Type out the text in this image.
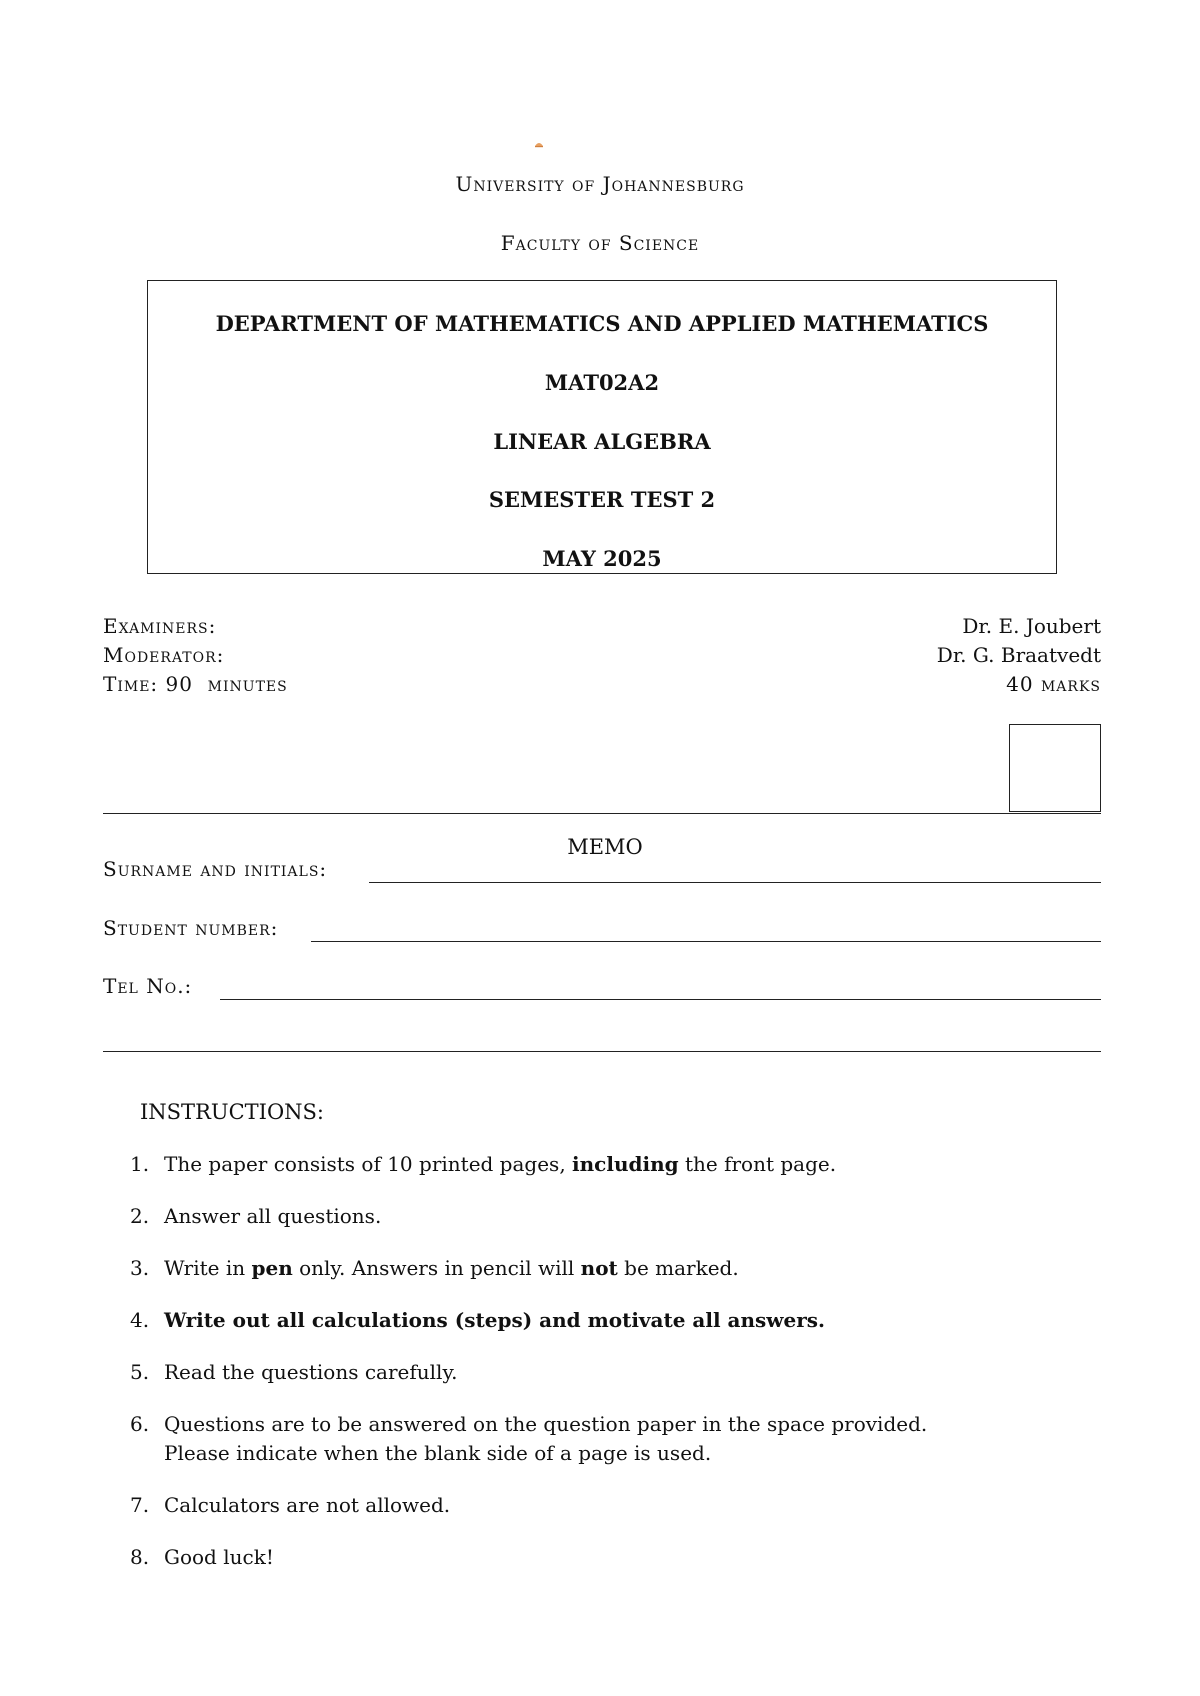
University of Johannesburg
Faculty of Science
DEPARTMENT OF MATHEMATICS AND APPLIED MATHEMATICS
MAT02A2
LINEAR ALGEBRA
SEMESTER TEST 2
MAY 2025
Examiners:	Dr. E. Joubert
Moderator:	Dr. G. Braatvedt
Time: 90  minutes	40 marks
MEMO
Surname and initials:
Student number:
Tel No.:
INSTRUCTIONS:
1. The paper consists of 10 printed pages, including the front page.
2. Answer all questions.
3. Write in pen only. Answers in pencil will not be marked.
4. Write out all calculations (steps) and motivate all answers.
5. Read the questions carefully.
6. Questions are to be answered on the question paper in the space provided.
Please indicate when the blank side of a page is used.
7. Calculators are not allowed.
8. Good luck!
